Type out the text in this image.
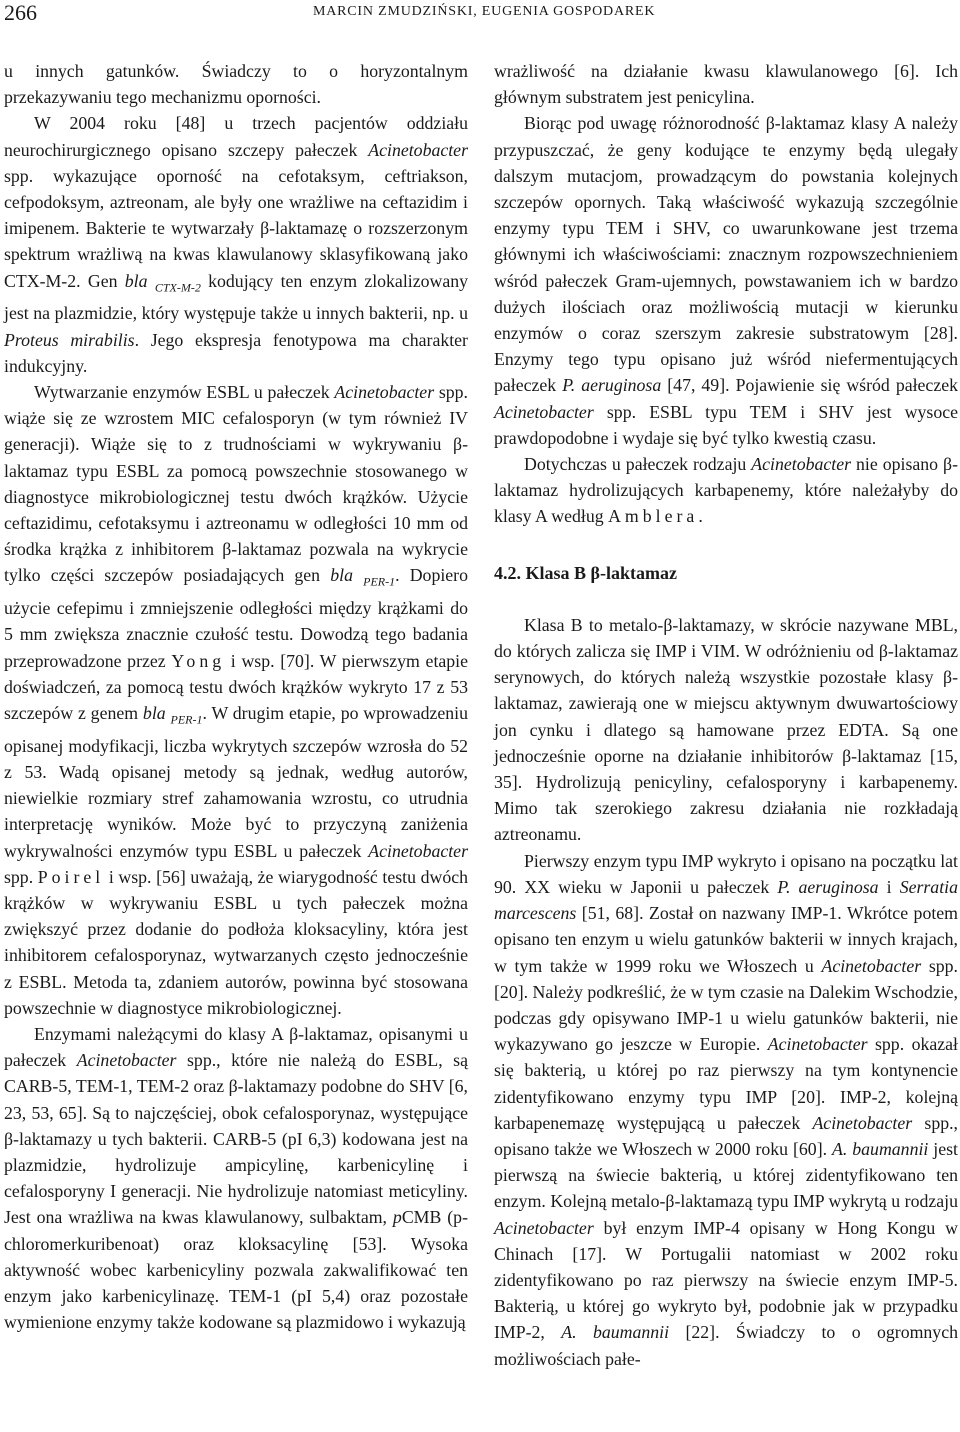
266	MARCIN ZMUDZIŃSKI, EUGENIA GOSPODAREK

u innych gatunków. Świadczy to o horyzontalnym przekazywaniu tego mechanizmu oporności.

W 2004 roku [48] u trzech pacjentów oddziału neurochirurgicznego opisano szczepy pałeczek Acinetobacter spp. wykazujące oporność na cefotaksym, ceftriakson, cefpodoksym, aztreonam, ale były one wrażliwe na ceftazidim i imipenem. Bakterie te wytwarzały β-laktamazę o rozszerzonym spektrum wrażliwą na kwas klawulanowy sklasyfikowaną jako CTX-M-2. Gen bla $_{CTX-M-2}$ kodujący ten enzym zlokalizowany jest na plazmidzie, który występuje także u innych bakterii, np. u Proteus mirabilis. Jego ekspresja fenotypowa ma charakter indukcyjny.

Wytwarzanie enzymów ESBL u pałeczek Acinetobacter spp. wiąże się ze wzrostem MIC cefalosporyn (w tym również IV generacji). Wiąże się to z trudnościami w wykrywaniu β-laktamaz typu ESBL za pomocą powszechnie stosowanego w diagnostyce mikrobiologicznej testu dwóch krążków. Użycie ceftazidimu, cefotaksymu i aztreonamu w odległości 10 mm od środka krążka z inhibitorem β-laktamaz pozwala na wykrycie tylko części szczepów posiadających gen bla $_{PER-1}$. Dopiero użycie cefepimu i zmniejszenie odległości między krążkami do 5 mm zwiększa znacznie czułość testu. Dowodzą tego badania przeprowadzone przez Yong i wsp. [70]. W pierwszym etapie doświadczeń, za pomocą testu dwóch krążków wykryto 17 z 53 szczepów z genem bla $_{PER-1}$. W drugim etapie, po wprowadzeniu opisanej modyfikacji, liczba wykrytych szczepów wzrosła do 52 z 53. Wadą opisanej metody są jednak, według autorów, niewielkie rozmiary stref zahamowania wzrostu, co utrudnia interpretację wyników. Może być to przyczyną zaniżenia wykrywalności enzymów typu ESBL u pałeczek Acinetobacter spp. Poirel i wsp. [56] uważają, że wiarygodność testu dwóch krążków w wykrywaniu ESBL u tych pałeczek można zwiększyć przez dodanie do podłoża kloksacyliny, która jest inhibitorem cefalosporynaz, wytwarzanych często jednocześnie z ESBL. Metoda ta, zdaniem autorów, powinna być stosowana powszechnie w diagnostyce mikrobiologicznej.

Enzymami należącymi do klasy A β-laktamaz, opisanymi u pałeczek Acinetobacter spp., które nie należą do ESBL, są CARB-5, TEM-1, TEM-2 oraz β-laktamazy podobne do SHV [6, 23, 53, 65]. Są to najczęściej, obok cefalosporynaz, występujące β-laktamazy u tych bakterii. CARB-5 (pI 6,3) kodowana jest na plazmidzie, hydrolizuje ampicylinę, karbenicylinę i cefalosporyny I generacji. Nie hydrolizuje natomiast meticyliny. Jest ona wrażliwa na kwas klawulanowy, sulbaktam, pCMB (p-chloromerkuribenoat) oraz kloksacylinę [53]. Wysoka aktywność wobec karbenicyliny pozwala zakwalifikować ten enzym jako karbenicylinazę. TEM-1 (pI 5,4) oraz pozostałe wymienione enzymy także kodowane są plazmidowo i wykazują

wrażliwość na działanie kwasu klawulanowego [6]. Ich głównym substratem jest penicylina.

Biorąc pod uwagę różnorodność β-laktamaz klasy A należy przypuszczać, że geny kodujące te enzymy będą ulegały dalszym mutacjom, prowadzącym do powstania kolejnych szczepów opornych. Taką właściwość wykazują szczególnie enzymy typu TEM i SHV, co uwarunkowane jest trzema głównymi ich właściwościami: znacznym rozpowszechnieniem wśród pałeczek Gram-ujemnych, powstawaniem ich w bardzo dużych ilościach oraz możliwością mutacji w kierunku enzymów o coraz szerszym zakresie substratowym [28]. Enzymy tego typu opisano już wśród niefermentujących pałeczek P. aeruginosa [47, 49]. Pojawienie się wśród pałeczek Acinetobacter spp. ESBL typu TEM i SHV jest wysoce prawdopodobne i wydaje się być tylko kwestią czasu.

Dotychczas u pałeczek rodzaju Acinetobacter nie opisano β-laktamaz hydrolizujących karbapenemy, które należałyby do klasy A według Amblera.

4.2. Klasa B β-laktamaz

Klasa B to metalo-β-laktamazy, w skrócie nazywane MBL, do których zalicza się IMP i VIM. W odróżnieniu od β-laktamaz serynowych, do których należą wszystkie pozostałe klasy β-laktamaz, zawierają one w miejscu aktywnym dwuwartościowy jon cynku i dlatego są hamowane przez EDTA. Są one jednocześnie oporne na działanie inhibitorów β-laktamaz [15, 35]. Hydrolizują penicyliny, cefalosporyny i karbapenemy. Mimo tak szerokiego zakresu działania nie rozkładają aztreonamu.

Pierwszy enzym typu IMP wykryto i opisano na początku lat 90. XX wieku w Japonii u pałeczek P. aeruginosa i Serratia marcescens [51, 68]. Został on nazwany IMP-1. Wkrótce potem opisano ten enzym u wielu gatunków bakterii w innych krajach, w tym także w 1999 roku we Włoszech u Acinetobacter spp. [20]. Należy podkreślić, że w tym czasie na Dalekim Wschodzie, podczas gdy opisywano IMP-1 u wielu gatunków bakterii, nie wykazywano go jeszcze w Europie. Acinetobacter spp. okazał się bakterią, u której po raz pierwszy na tym kontynencie zidentyfikowano enzymy typu IMP [20]. IMP-2, kolejną karbapenemazę występującą u pałeczek Acinetobacter spp., opisano także we Włoszech w 2000 roku [60]. A. baumannii jest pierwszą na świecie bakterią, u której zidentyfikowano ten enzym. Kolejną metalo-β-laktamazą typu IMP wykrytą u rodzaju Acinetobacter był enzym IMP-4 opisany w Hong Kongu w Chinach [17]. W Portugalii natomiast w 2002 roku zidentyfikowano po raz pierwszy na świecie enzym IMP-5. Bakterią, u której go wykryto był, podobnie jak w przypadku IMP-2, A. baumannii [22]. Świadczy to o ogromnych możliwościach pałe-
